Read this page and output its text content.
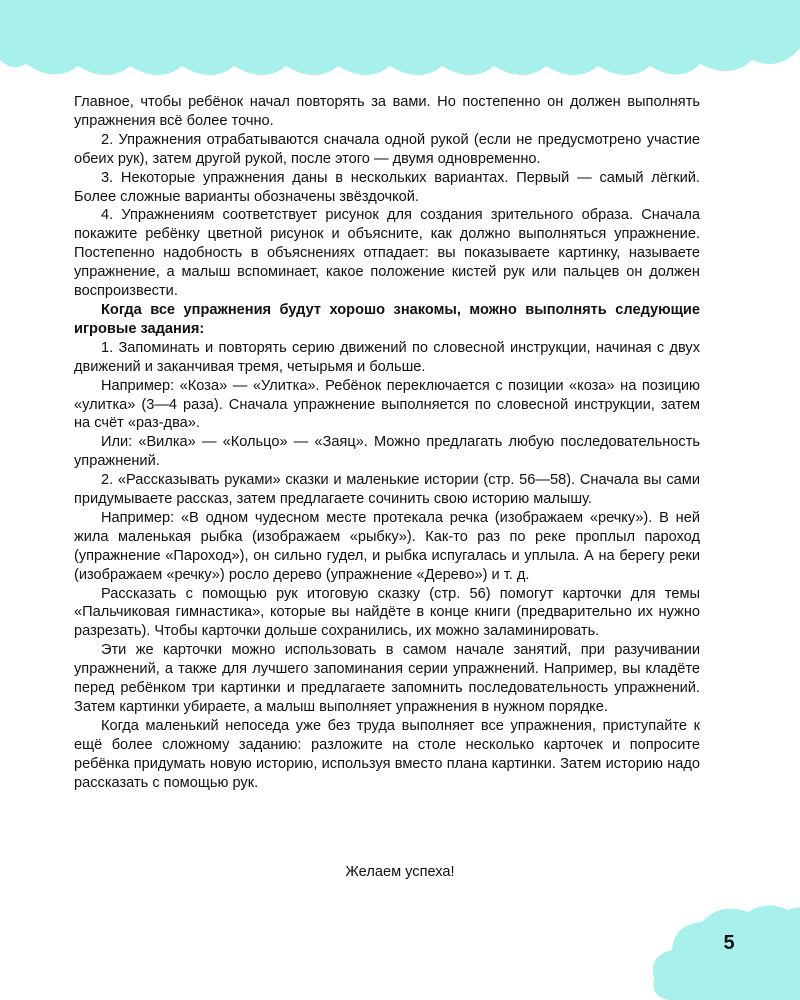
Главное, чтобы ребёнок начал повторять за вами. Но постепенно он должен выполнять упражнения всё более точно.

2. Упражнения отрабатываются сначала одной рукой (если не предусмотрено участие обеих рук), затем другой рукой, после этого — двумя одновременно.

3. Некоторые упражнения даны в нескольких вариантах. Первый — самый лёгкий. Более сложные варианты обозначены звёздочкой.

4. Упражнениям соответствует рисунок для создания зрительного образа. Сначала покажите ребёнку цветной рисунок и объясните, как должно выполняться упражнение. Постепенно надобность в объяснениях отпадает: вы показываете картинку, называете упражнение, а малыш вспоминает, какое положение кистей рук или пальцев он должен воспроизвести.

Когда все упражнения будут хорошо знакомы, можно выполнять следующие игровые задания:

1. Запоминать и повторять серию движений по словесной инструкции, начиная с двух движений и заканчивая тремя, четырьмя и больше.

Например: «Коза» — «Улитка». Ребёнок переключается с позиции «коза» на позицию «улитка» (3—4 раза). Сначала упражнение выполняется по словесной инструкции, затем на счёт «раз-два».

Или: «Вилка» — «Кольцо» — «Заяц». Можно предлагать любую последовательность упражнений.

2. «Рассказывать руками» сказки и маленькие истории (стр. 56—58). Сначала вы сами придумываете рассказ, затем предлагаете сочинить свою историю малышу.

Например: «В одном чудесном месте протекала речка (изображаем «речку»). В ней жила маленькая рыбка (изображаем «рыбку»). Как-то раз по реке проплыл пароход (упражнение «Пароход»), он сильно гудел, и рыбка испугалась и уплыла. А на берегу реки (изображаем «речку») росло дерево (упражнение «Дерево») и т. д.

Рассказать с помощью рук итоговую сказку (стр. 56) помогут карточки для темы «Пальчиковая гимнастика», которые вы найдёте в конце книги (предварительно их нужно разрезать). Чтобы карточки дольше сохранились, их можно заламинировать.

Эти же карточки можно использовать в самом начале занятий, при разучивании упражнений, а также для лучшего запоминания серии упражнений. Например, вы кладёте перед ребёнком три картинки и предлагаете запомнить последовательность упражнений. Затем картинки убираете, а малыш выполняет упражнения в нужном порядке.

Когда маленький непоседа уже без труда выполняет все упражнения, приступайте к ещё более сложному заданию: разложите на столе несколько карточек и попросите ребёнка придумать новую историю, используя вместо плана картинки. Затем историю надо рассказать с помощью рук.

Желаем успеха!
5
